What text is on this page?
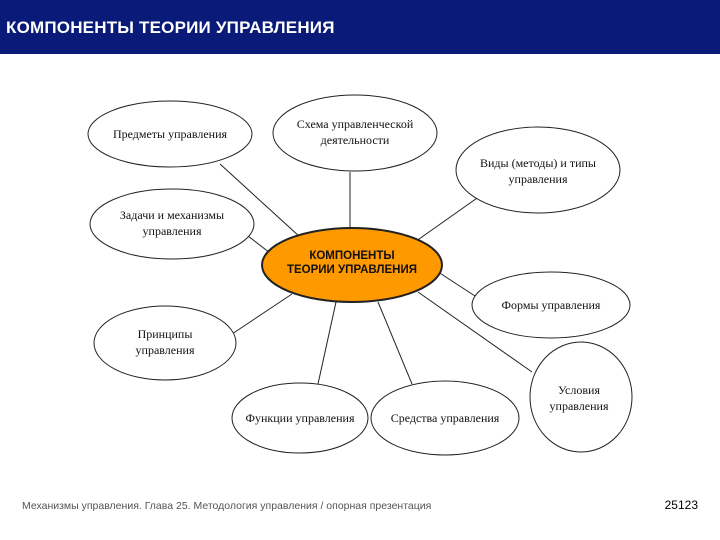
КОМПОНЕНТЫ ТЕОРИИ УПРАВЛЕНИЯ
КОМПОНЕНТЫ
ТЕОРИИ УПРАВЛЕНИЯ
Предметы управления
Схема управленческой
деятельности
Виды (методы) и типы
управления
Задачи и механизмы
управления
Формы управления
Принципы
управления
Условия
управления
Функции управления	Средства управления
Механизмы управления. Глава 25. Методология управления / опорная презентация	25123
